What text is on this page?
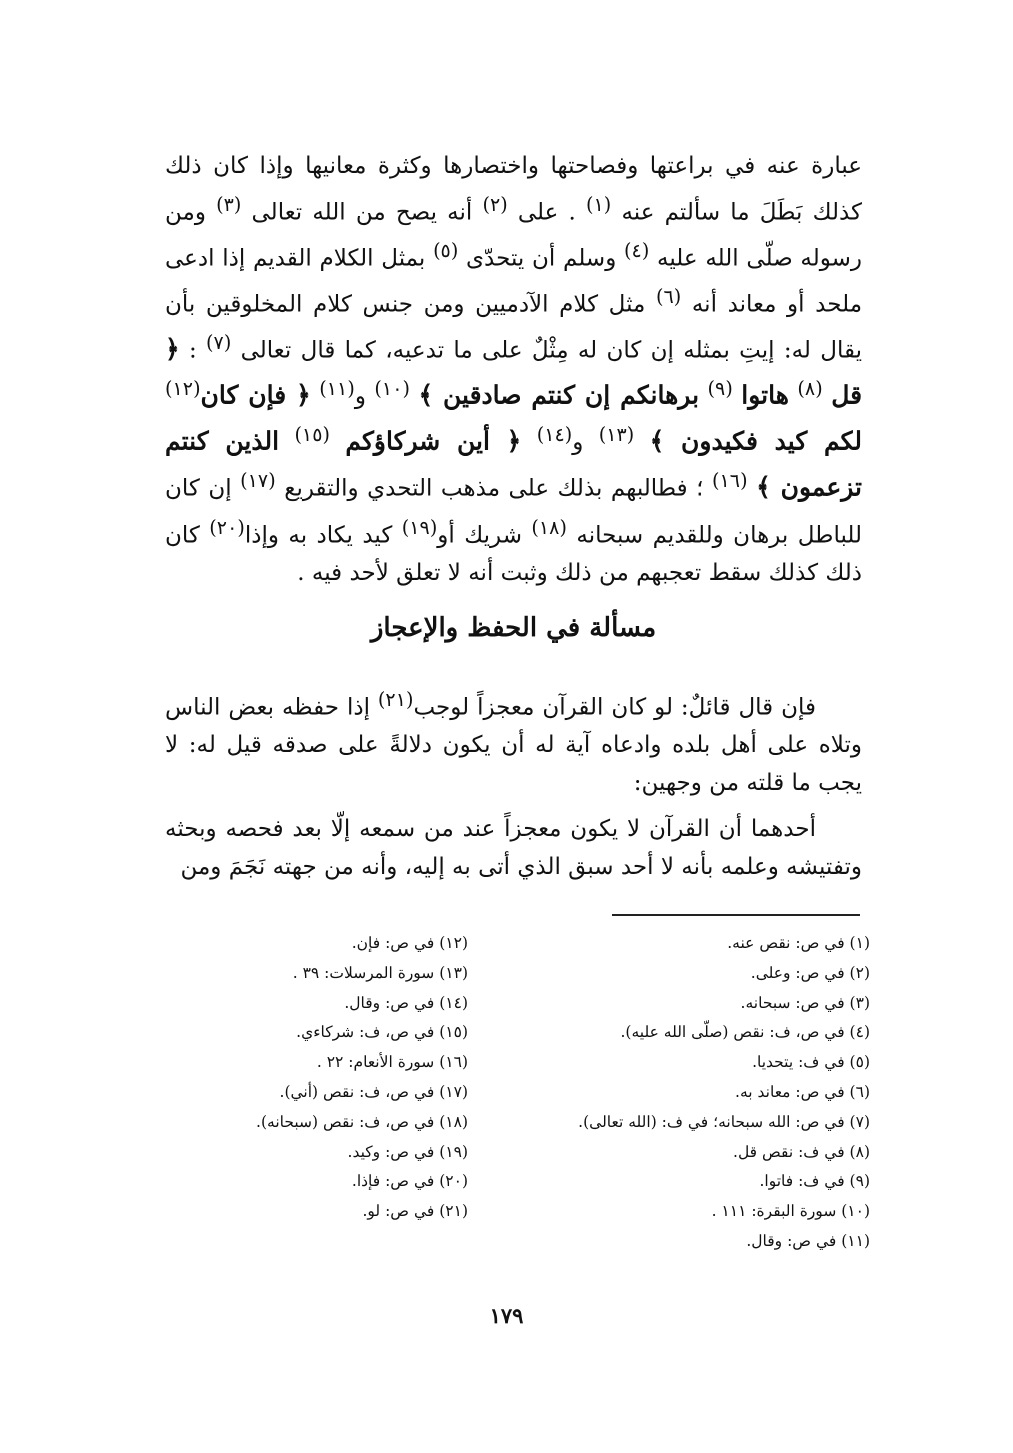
عبارة عنه في براعتها وفصاحتها واختصارها وكثرة معانيها وإذا كان ذلك كذلك بَطَلَ ما سألتم عنه $^{(١)}$ . على $^{(٢)}$ أنه يصح من الله تعالى $^{(٣)}$ ومن رسوله صلّى الله عليه $^{(٤)}$ وسلم أن يتحدّى $^{(٥)}$ بمثل الكلام القديم إذا ادعى ملحد أو معاند أنه $^{(٦)}$ مثل كلام الآدميين ومن جنس كلام المخلوقين بأن يقال له: إيتِ بمثله إن كان له مِثْلٌ على ما تدعيه، كما قال تعالى $^{(٧)}$ : ﴿ قل $^{(٨)}$ هاتوا $^{(٩)}$ برهانكم إن كنتم صادقين ﴾ $^{(١٠)}$ و$^{(١١)}$ ﴿ فإن كان$^{(١٢)}$ لكم كيد فكيدون ﴾ $^{(١٣)}$ و$^{(١٤)}$ ﴿ أين شركاؤكم $^{(١٥)}$ الذين كنتم تزعمون ﴾ $^{(١٦)}$ ؛ فطالبهم بذلك على مذهب التحدي والتقريع $^{(١٧)}$ إن كان للباطل برهان وللقديم سبحانه $^{(١٨)}$ شريك أو$^{(١٩)}$ كيد يكاد به وإذا$^{(٢٠)}$ كان ذلك كذلك سقط تعجبهم من ذلك وثبت أنه لا تعلق لأحد فيه .

مسألة في الحفظ والإعجاز
فإن قال قائلٌ: لو كان القرآن معجزاً لوجب$^{(٢١)}$ إذا حفظه بعض الناس وتلاه على أهل بلده وادعاه آية له أن يكون دلالةً على صدقه قيل له: لا يجب ما قلته من وجهين:
أحدهما أن القرآن لا يكون معجزاً عند من سمعه إلّا بعد فحصه وبحثه وتفتيشه وعلمه بأنه لا أحد سبق الذي أتى به إليه، وأنه من جهته نَجَمَ ومن
(١) في ص: نقص عنه.
(٢) في ص: وعلى.
(٣) في ص: سبحانه.
(٤) في ص، ف: نقص (صلّى الله عليه).
(٥) في ف: يتحديا.
(٦) في ص: معاند به.
(٧) في ص: الله سبحانه؛ في ف: (الله تعالى).
(٨) في ف: نقص قل.
(٩) في ف: فاتوا.
(١٠) سورة البقرة: ١١١ .
(١١) في ص: وقال.
(١٢) في ص: فإن.
(١٣) سورة المرسلات: ٣٩ .
(١٤) في ص: وقال.
(١٥) في ص، ف: شركاءي.
(١٦) سورة الأنعام: ٢٢ .
(١٧) في ص، ف: نقص (أني).
(١٨) في ص، ف: نقص (سبحانه).
(١٩) في ص: وكيد.
(٢٠) في ص: فإذا.
(٢١) في ص: لو.
١٧٩
